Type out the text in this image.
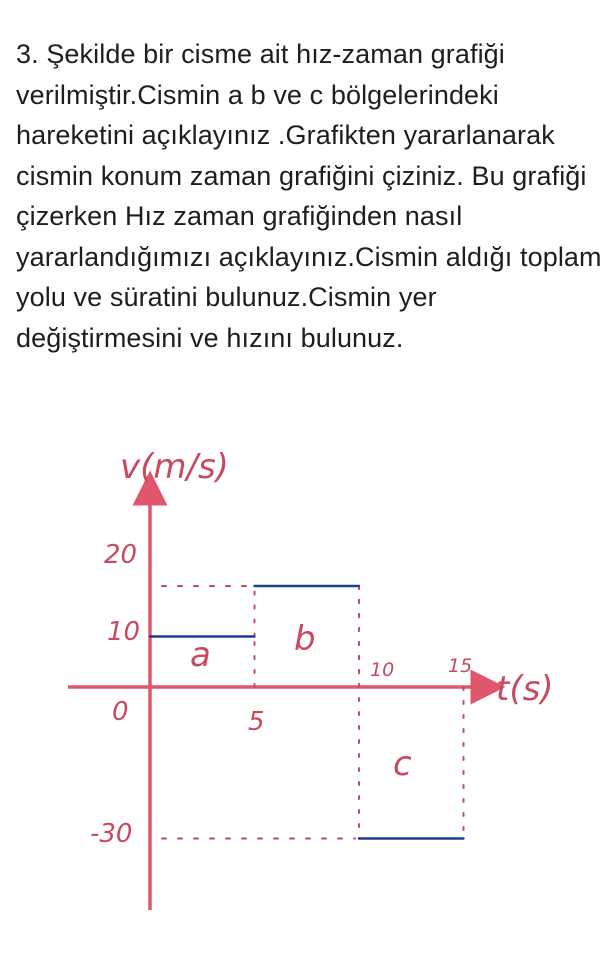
3. Şekilde bir cisme ait hız-zaman grafiği verilmiştir.Cismin a b ve c bölgelerindeki hareketini açıklayınız .Grafikten yararlanarak cismin konum zaman grafiğini çiziniz. Bu grafiği çizerken Hız zaman grafiğinden nasıl yararlandığımızı açıklayınız.Cismin aldığı toplam yolu ve süratini bulunuz.Cismin yer değiştirmesini ve hızını bulunuz.

v(m/s)
t(s)
20
10
0
-30
5
10	15
a b
c
